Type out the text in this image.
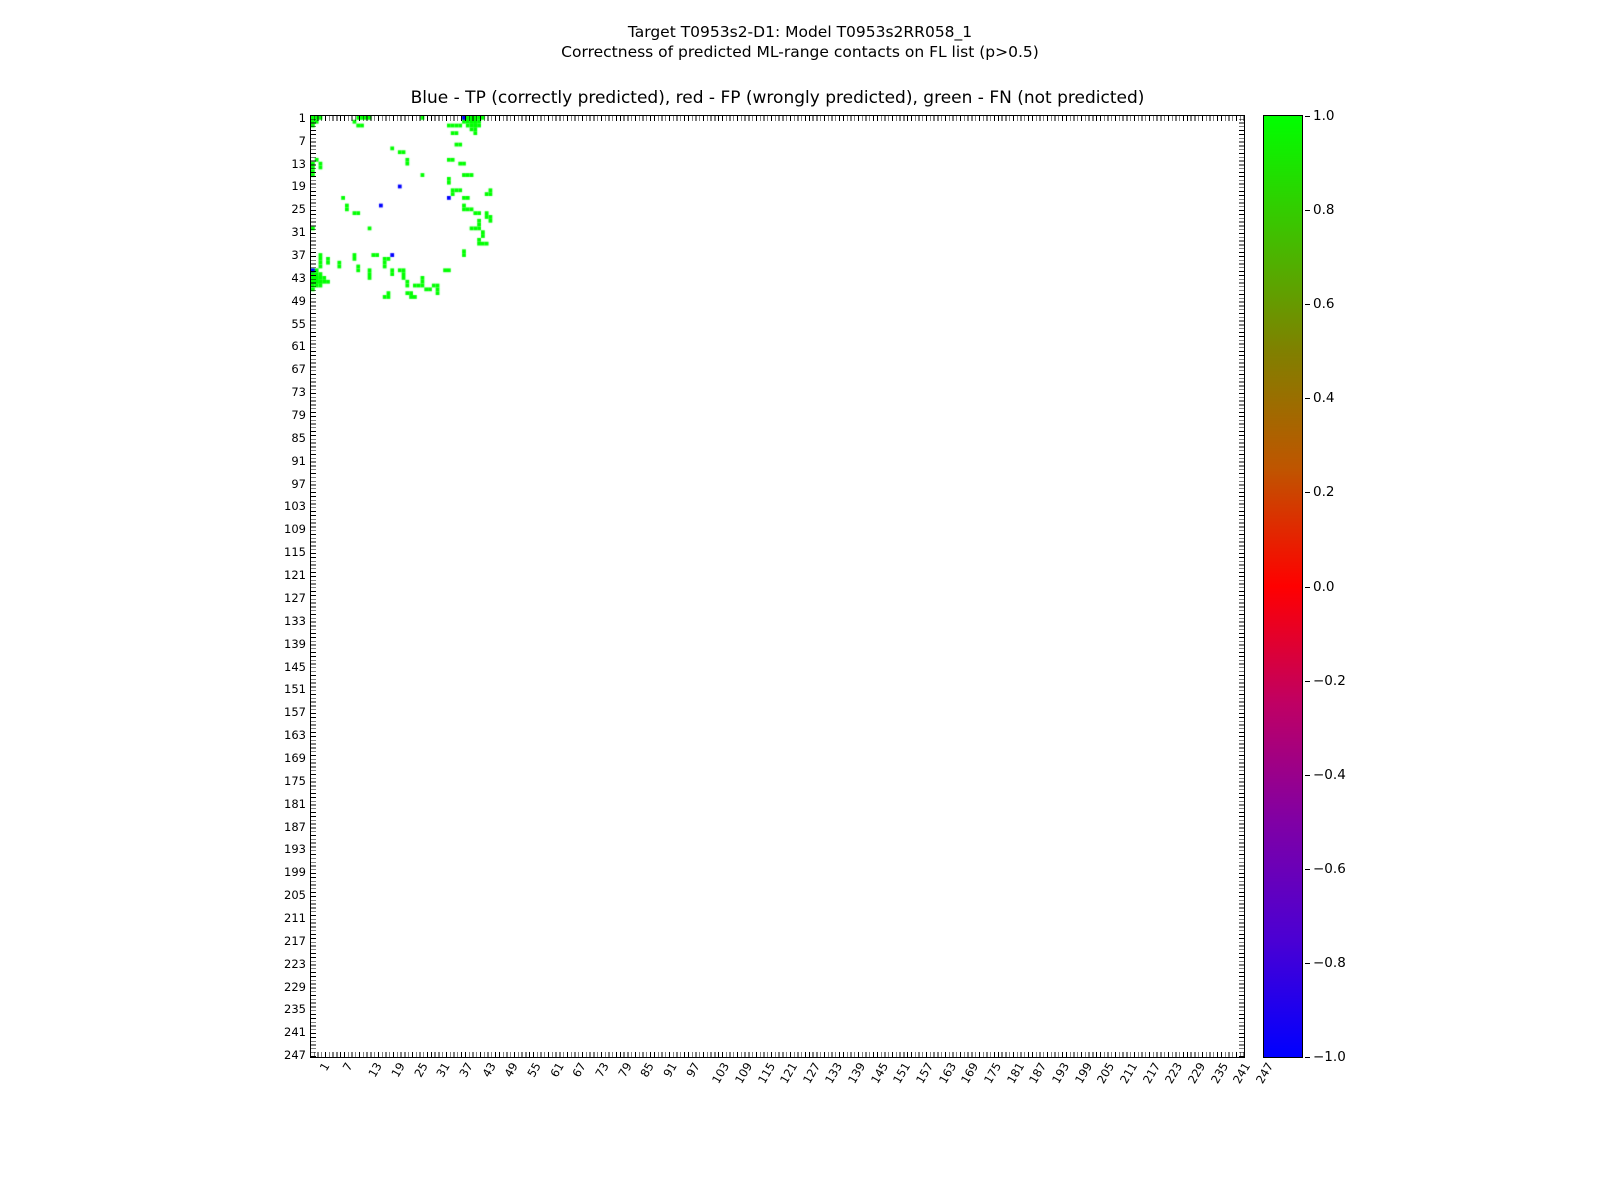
Target T0953s2-D1: Model T0953s2RR058_1
Correctness of predicted ML-range contacts on FL list (p>0.5)
Blue - TP (correctly predicted), red - FP (wrongly predicted), green - FN (not predicted)
1
7
13
19
25
31
37
43
49
55
61
67
73
79
85
91
97
103
109
115
121
127
133
139
145
151
157
163
169
175
181
187
193
199
205
211
217
223
229
235
241
247
1 7 13 19 25 31 37 43 49 55 61 67 73 79 85 91 97 103 109 115 121 127 133 139 145 151 157 163 169 175 181 187 193 199 205 211 217 223 229 235 241 247
1.0
0.8
0.6
0.4
0.2
0.0
−0.2
−0.4
−0.6
−0.8
−1.0
